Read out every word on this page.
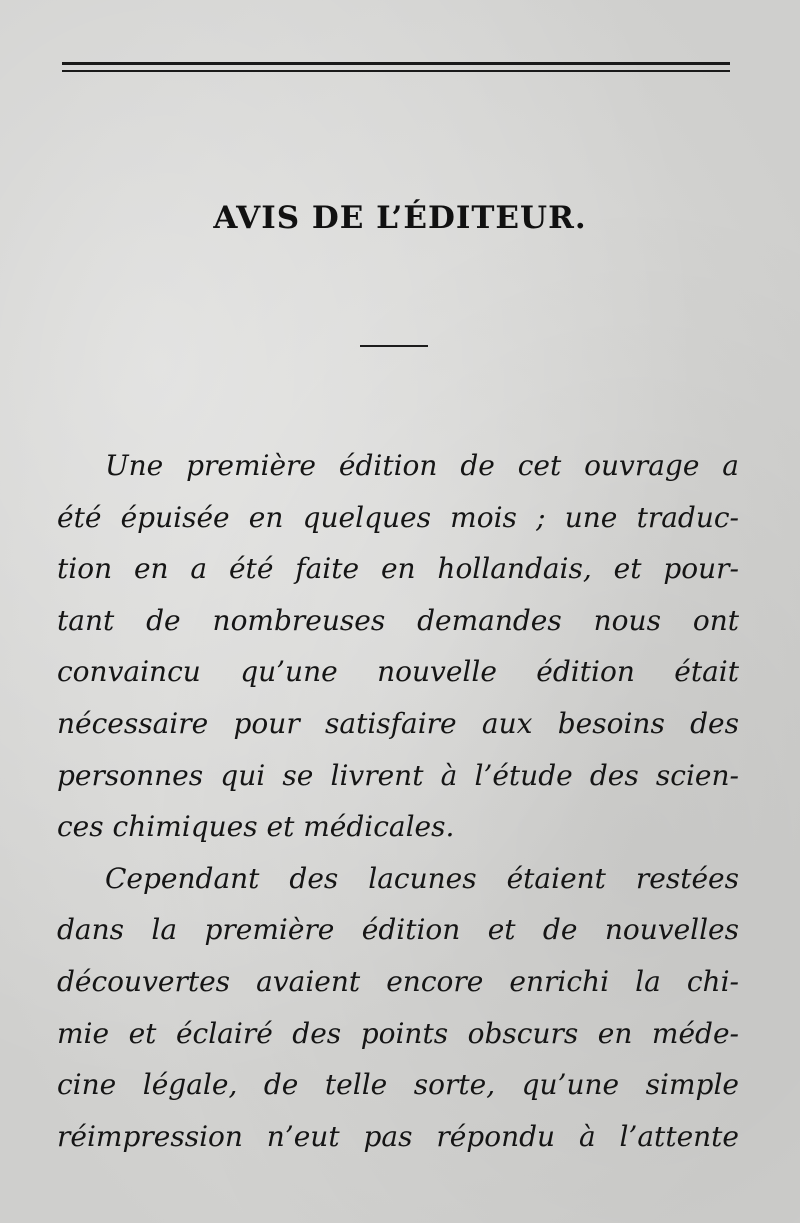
AVIS DE L’ÉDITEUR.
Une première édition de cet ouvrage a
été épuisée en quelques mois ; une traduc-
tion en a été faite en hollandais, et pour-
tant de nombreuses demandes nous ont
convaincu qu’une nouvelle édition était
nécessaire pour satisfaire aux besoins des
personnes qui se livrent à l’étude des scien-
ces chimiques et médicales.
Cependant des lacunes étaient restées
dans la première édition et de nouvelles
découvertes avaient encore enrichi la chi-
mie et éclairé des points obscurs en méde-
cine légale, de telle sorte, qu’une simple
réimpression n’eut pas répondu à l’attente
